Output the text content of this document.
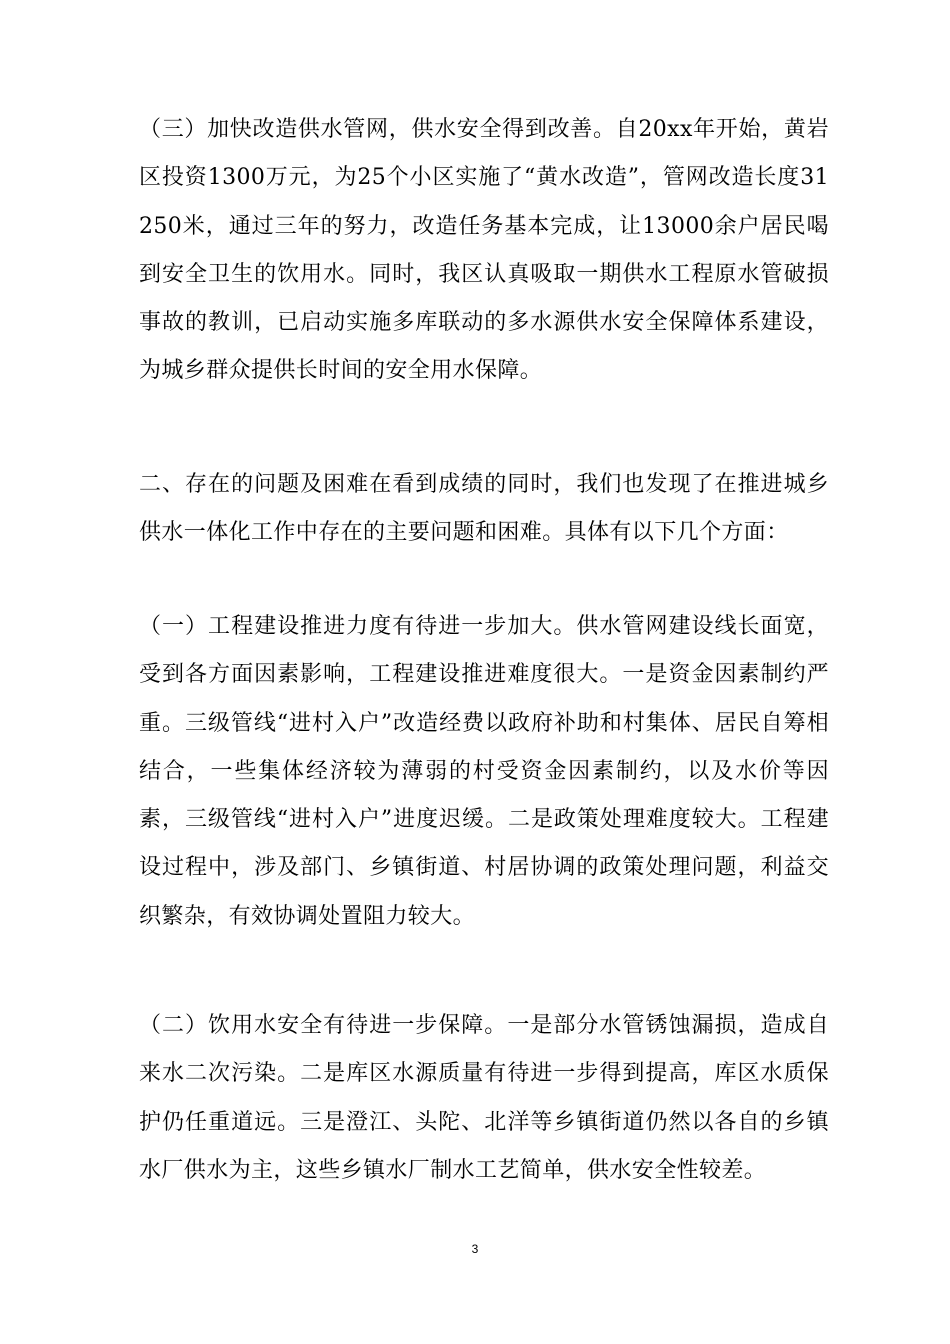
（三）加快改造供水管网，供水安全得到改善。自20xx年开始，黄岩区投资1300万元，为25个小区实施了“黄水改造”，管网改造长度31250米，通过三年的努力，改造任务基本完成，让13000余户居民喝到安全卫生的饮用水。同时，我区认真吸取一期供水工程原水管破损事故的教训，已启动实施多库联动的多水源供水安全保障体系建设，为城乡群众提供长时间的安全用水保障。

二、存在的问题及困难在看到成绩的同时，我们也发现了在推进城乡供水一体化工作中存在的主要问题和困难。具体有以下几个方面：

（一）工程建设推进力度有待进一步加大。供水管网建设线长面宽，受到各方面因素影响，工程建设推进难度很大。一是资金因素制约严重。三级管线“进村入户”改造经费以政府补助和村集体、居民自筹相结合，一些集体经济较为薄弱的村受资金因素制约，以及水价等因素，三级管线“进村入户”进度迟缓。二是政策处理难度较大。工程建设过程中，涉及部门、乡镇街道、村居协调的政策处理问题，利益交织繁杂，有效协调处置阻力较大。

（二）饮用水安全有待进一步保障。一是部分水管锈蚀漏损，造成自来水二次污染。二是库区水源质量有待进一步得到提高，库区水质保护仍任重道远。三是澄江、头陀、北洋等乡镇街道仍然以各自的乡镇水厂供水为主，这些乡镇水厂制水工艺简单，供水安全性较差。

3
